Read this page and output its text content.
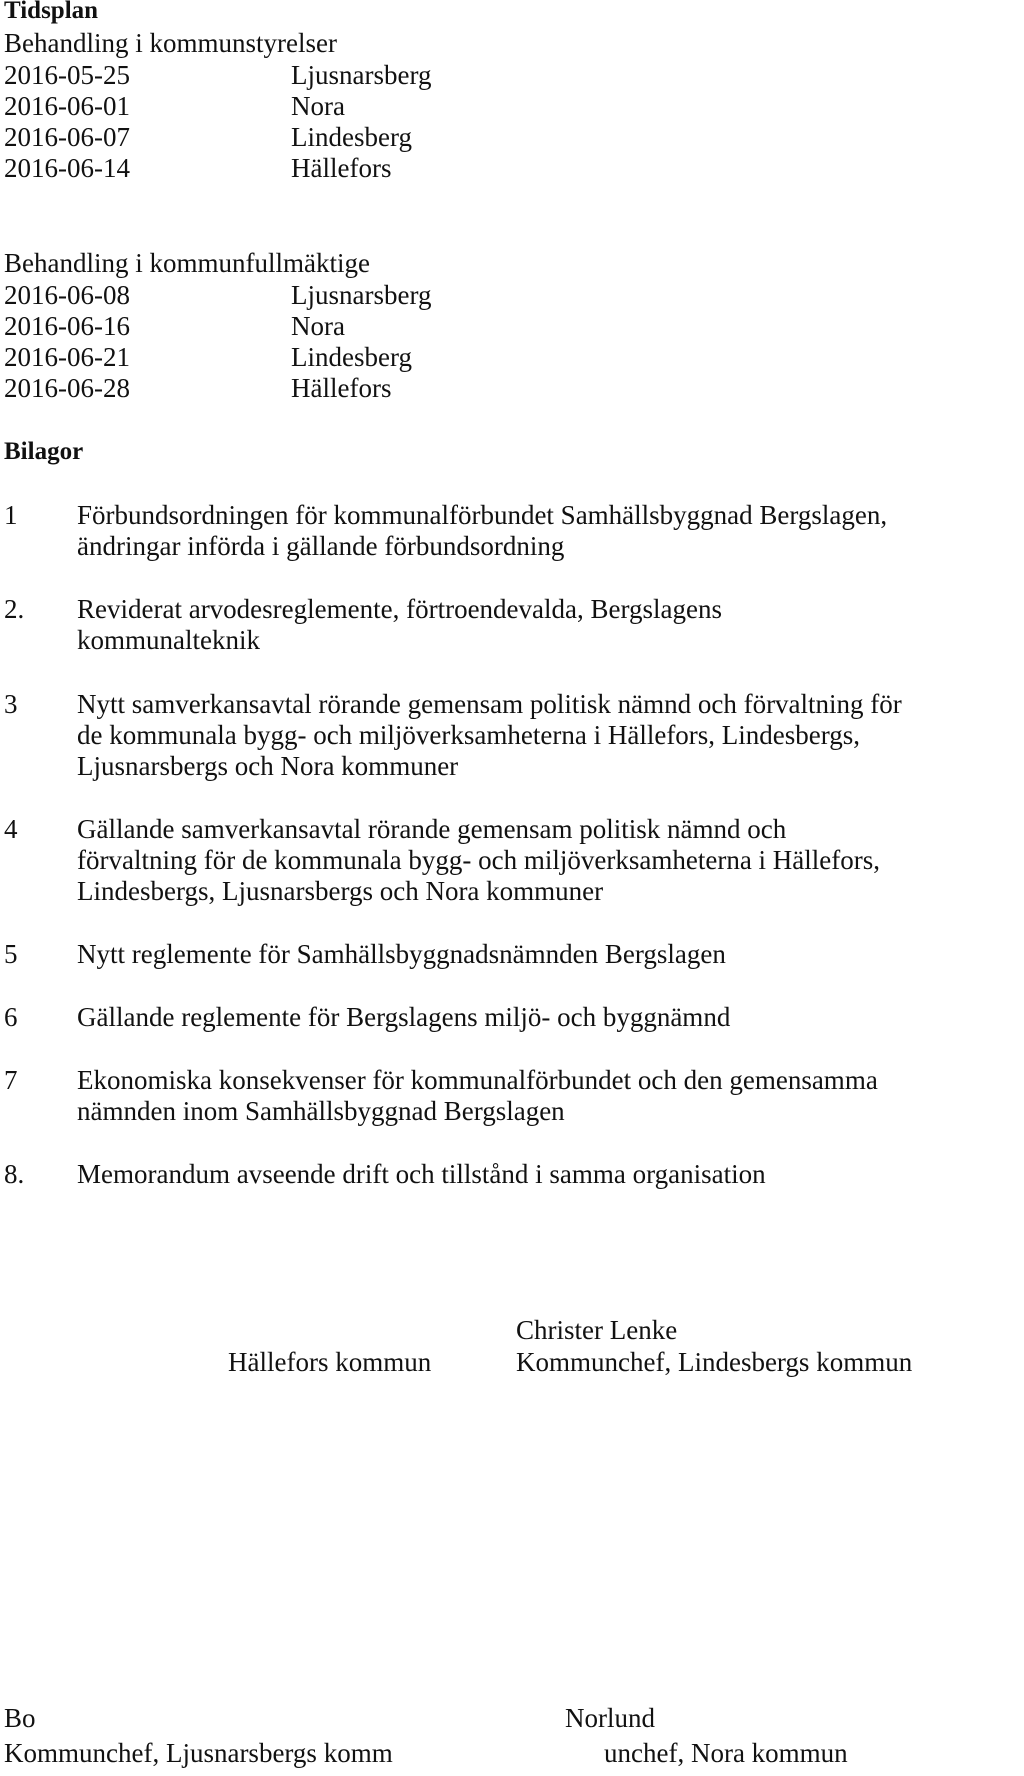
Tidsplan
Behandling i kommunstyrelser
2016-05-25	Ljusnarsberg
2016-06-01	Nora
2016-06-07	Lindesberg
2016-06-14	Hällefors
Behandling i kommunfullmäktige
2016-06-08	Ljusnarsberg
2016-06-16	Nora
2016-06-21	Lindesberg
2016-06-28	Hällefors
Bilagor
1 Förbundsordningen för kommunalförbundet Samhällsbyggnad Bergslagen,
ändringar införda i gällande förbundsordning
2. Reviderat arvodesreglemente, förtroendevalda, Bergslagens
kommunalteknik
3 Nytt samverkansavtal rörande gemensam politisk nämnd och förvaltning för
de kommunala bygg- och miljöverksamheterna i Hällefors, Lindesbergs,
Ljusnarsbergs och Nora kommuner
4 Gällande samverkansavtal rörande gemensam politisk nämnd och
förvaltning för de kommunala bygg- och miljöverksamheterna i Hällefors,
Lindesbergs, Ljusnarsbergs och Nora kommuner
5 Nytt reglemente för Samhällsbyggnadsnämnden Bergslagen
6 Gällande reglemente för Bergslagens miljö- och byggnämnd
7 Ekonomiska konsekvenser för kommunalförbundet och den gemensamma
nämnden inom Samhällsbyggnad Bergslagen
8. Memorandum avseende drift och tillstånd i samma organisation
Christer Lenke
Hällefors kommun	Kommunchef, Lindesbergs kommun
Bo	Norlund
Kommunchef, Ljusnarsbergs komm	unchef, Nora kommun
